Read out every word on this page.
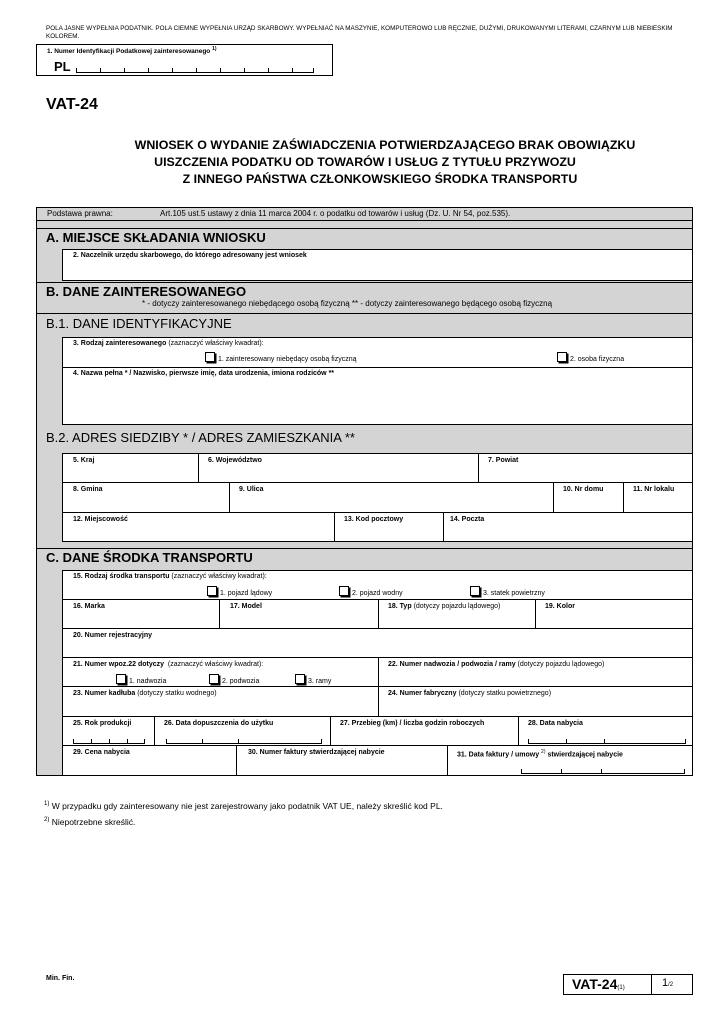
POLA JASNE WYPEŁNIA PODATNIK. POLA CIEMNE WYPEŁNIA URZĄD SKARBOWY. WYPEŁNIAĆ NA MASZYNIE, KOMPUTEROWO LUB RĘCZNIE, DUŻYMI, DRUKOWANYMI LITERAMI, CZARNYM LUB NIEBIESKIM KOLOREM.
1. Numer Identyfikacji Podatkowej zainteresowanego $^{1)}$
PL
VAT-24
WNIOSEK O WYDANIE ZAŚWIADCZENIA POTWIERDZAJĄCEGO BRAK OBOWIĄZKU
UISZCZENIA PODATKU OD TOWARÓW I USŁUG Z TYTUŁU PRZYWOZU
Z INNEGO PAŃSTWA CZŁONKOWSKIEGO ŚRODKA TRANSPORTU
Podstawa prawna:	Art.105 ust.5 ustawy z dnia 11 marca 2004 r. o podatku od towarów i usług (Dz. U. Nr 54, poz.535).
A. MIEJSCE SKŁADANIA WNIOSKU
2. Naczelnik urzędu skarbowego, do którego adresowany jest wniosek
B. DANE ZAINTERESOWANEGO
* - dotyczy zainteresowanego niebędącego osobą fizyczną ** - dotyczy zainteresowanego będącego osobą fizyczną
B.1. DANE IDENTYFIKACYJNE
3. Rodzaj zainteresowanego (zaznaczyć właściwy kwadrat):
1. zainteresowany niebędący osobą fizyczną	2. osoba fizyczna
4. Nazwa pełna * / Nazwisko, pierwsze imię, data urodzenia, imiona rodziców **
B.2. ADRES SIEDZIBY * / ADRES ZAMIESZKANIA **
5. Kraj	6. Województwo	7. Powiat
8. Gmina	9. Ulica	10. Nr domu	11. Nr lokalu
12. Miejscowość	13. Kod pocztowy	14. Poczta
C. DANE ŚRODKA TRANSPORTU
15. Rodzaj środka transportu (zaznaczyć właściwy kwadrat):
1. pojazd lądowy	2. pojazd wodny	3. statek powietrzny
16. Marka	17. Model	18. Typ (dotyczy pojazdu lądowego)	19. Kolor
20. Numer rejestracyjny
21. Numer wpoz.22 dotyczy (zaznaczyć właściwy kwadrat):
1. nadwozia	2. podwozia	3. ramy
22. Numer nadwozia / podwozia / ramy (dotyczy pojazdu lądowego)
23. Numer kadłuba (dotyczy statku wodnego)	24. Numer fabryczny (dotyczy statku powietrznego)
25. Rok produkcji	26. Data dopuszczenia do użytku	27. Przebieg (km) / liczba godzin roboczych	28. Data nabycia
29. Cena nabycia	30. Numer faktury stwierdzającej nabycie	31. Data faktury / umowy $^{2)}$ stwierdzającej nabycie
$^{1)}$ W przypadku gdy zainteresowany nie jest zarejestrowany jako podatnik VAT UE, należy skreślić kod PL.
$^{2)}$ Niepotrzebne skreślić.
Min. Fin.	VAT-24(1)	1/2
